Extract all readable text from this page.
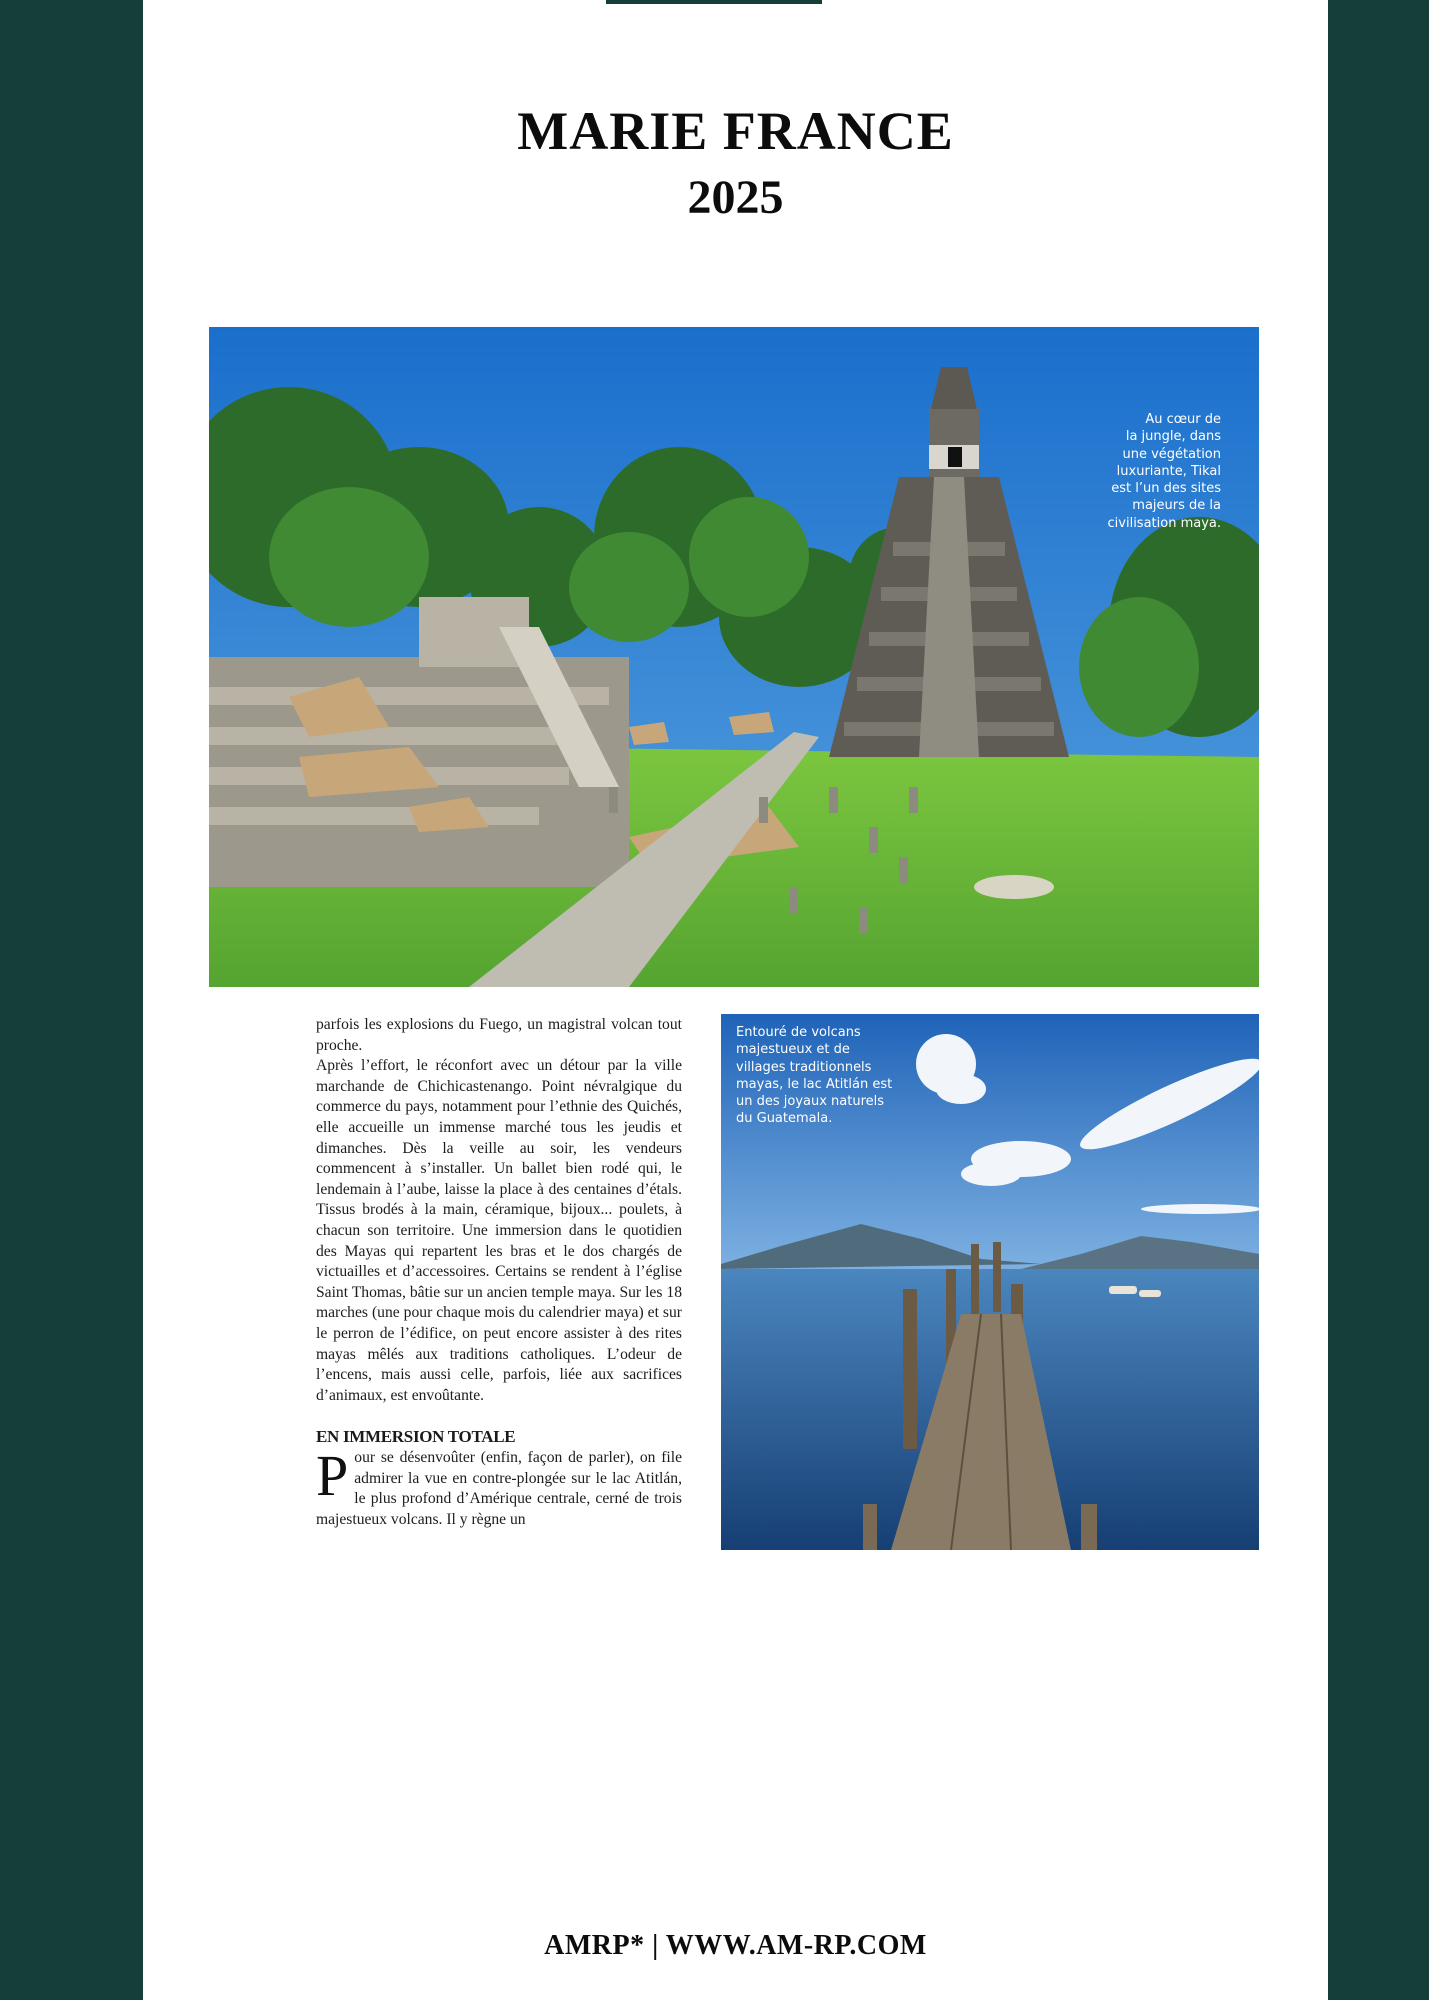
MARIE FRANCE
2025
Au cœur de
la jungle, dans
une végétation
luxuriante, Tikal
est l’un des sites
majeurs de la
civilisation maya.

parfois les explosions du Fuego, un magistral volcan tout proche.

Après l’effort, le réconfort avec un détour par la ville marchande de Chichicastenango. Point névralgique du commerce du pays, notamment pour l’ethnie des Quichés, elle accueille un immense marché tous les jeudis et dimanches. Dès la veille au soir, les vendeurs commencent à s’installer. Un ballet bien rodé qui, le lendemain à l’aube, laisse la place à des centaines d’étals. Tissus brodés à la main, céramique, bijoux... poulets, à chacun son territoire. Une immersion dans le quotidien des Mayas qui repartent les bras et le dos chargés de victuailles et d’accessoires. Certains se rendent à l’église Saint Thomas, bâtie sur un ancien temple maya. Sur les 18 marches (une pour chaque mois du calendrier maya) et sur le perron de l’édifice, on peut encore assister à des rites mayas mêlés aux traditions catholiques. L’odeur de l’encens, mais aussi celle, parfois, liée aux sacrifices d’animaux, est envoûtante.

EN IMMERSION TOTALE

Pour se désenvoûter (enfin, façon de parler), on file admirer la vue en contre-plongée sur le lac Atitlán, le plus profond d’Amérique centrale, cerné de trois majestueux volcans. Il y règne un

Entouré de volcans
majestueux et de
villages traditionnels
mayas, le lac Atitlán est
un des joyaux naturels
du Guatemala.
AMRP* | WWW.AM-RP.COM
